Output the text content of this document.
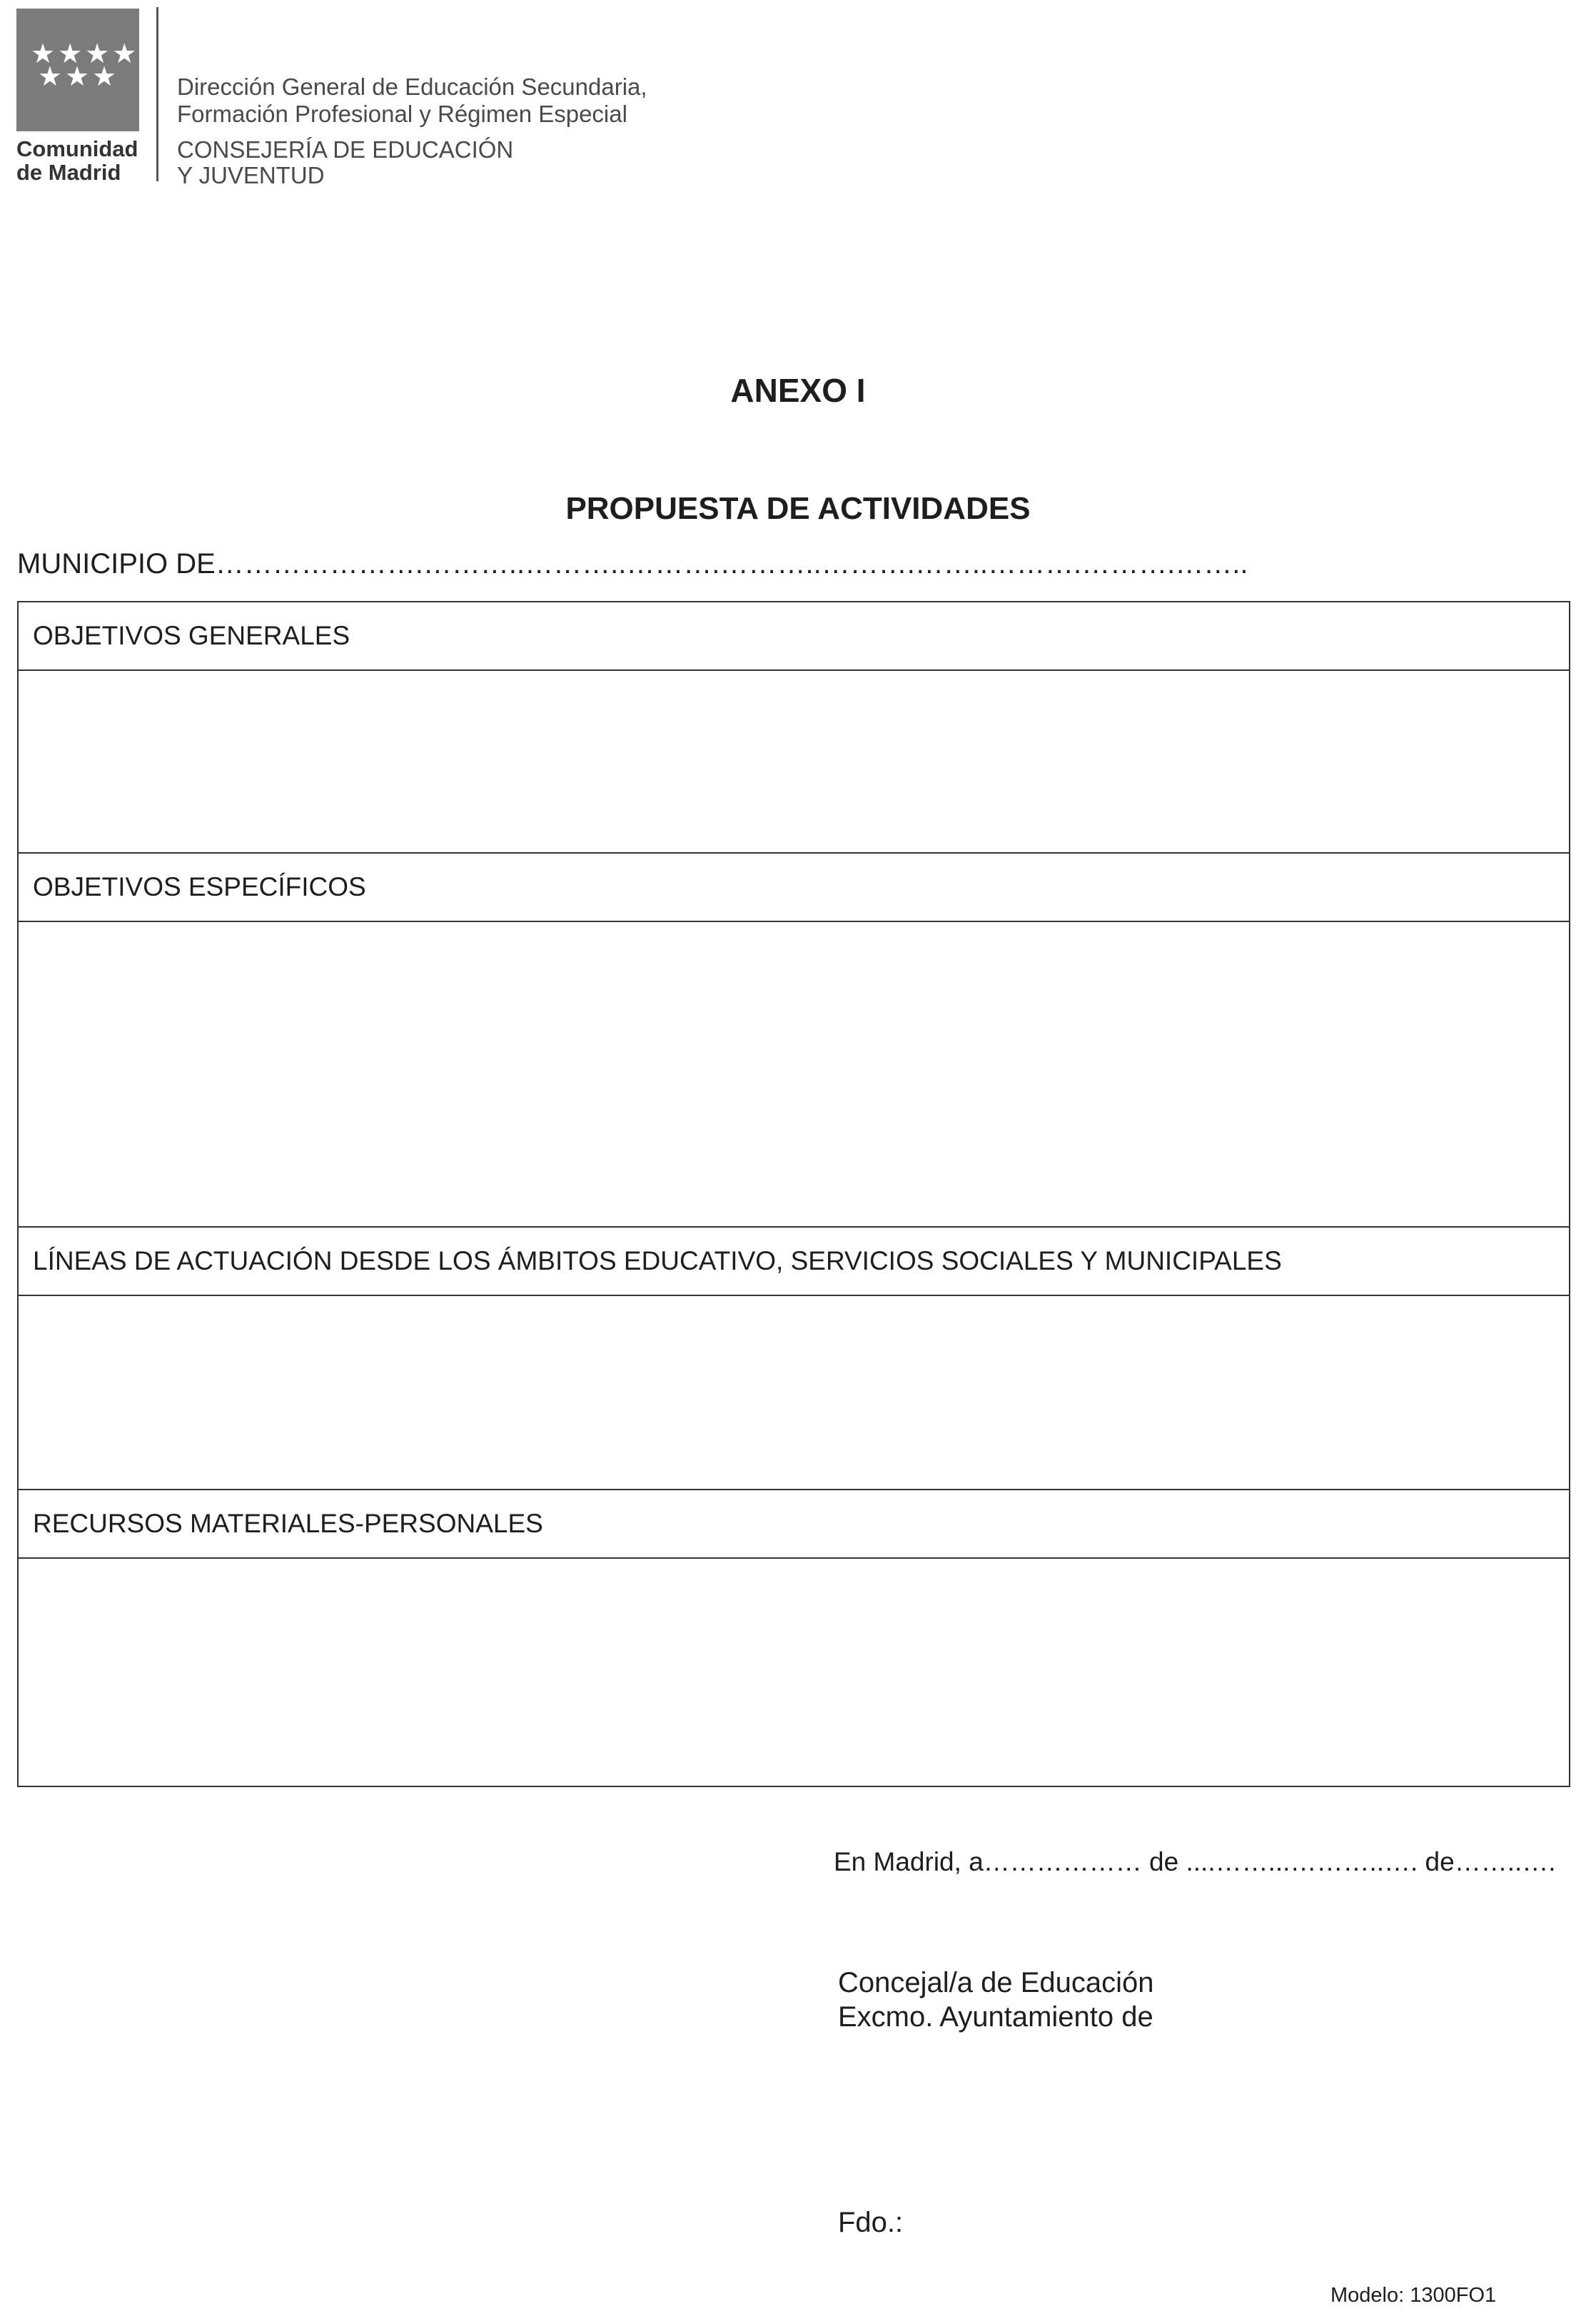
★★★★
★★★
Comunidad
de Madrid
Dirección General de Educación Secundaria,
Formación Profesional y Régimen Especial
CONSEJERÍA DE EDUCACIÓN
Y JUVENTUD
ANEXO I
PROPUESTA DE ACTIVIDADES
MUNICIPIO DE………………….………..………..……….………..……….……..……….……….……..
OBJETIVOS GENERALES
OBJETIVOS ESPECÍFICOS
LÍNEAS DE ACTUACIÓN DESDE LOS ÁMBITOS EDUCATIVO, SERVICIOS SOCIALES Y MUNICIPALES
RECURSOS MATERIALES-PERSONALES
En Madrid, a……………… de ....……...………..…. de……..….
Concejal/a de Educación
Excmo. Ayuntamiento de
Fdo.:
Modelo: 1300FO1
